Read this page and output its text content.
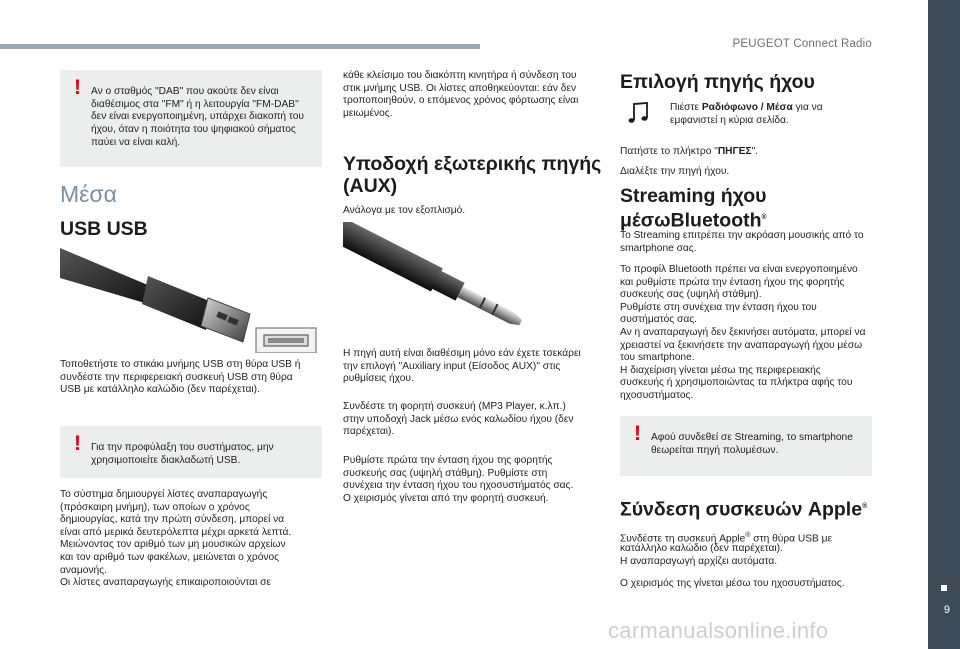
PEUGEOT Connect Radio
9
! Αν ο σταθμός "DAB" που ακούτε δεν είναι
διαθέσιμος στα "FM" ή η λειτουργία "FM-DAB"
δεν είναι ενεργοποιημένη, υπάρχει διακοπή του
ήχου, όταν η ποιότητα του ψηφιακού σήματος
παύει να είναι καλή.

Μέσα
USB USB

Τοποθετήστε το στικάκι μνήμης USB στη θύρα USB ή
συνδέστε την περιφερειακή συσκευή USB στη θύρα
USB με κατάλληλο καλώδιο (δεν παρέχεται).

! Για την προφύλαξη του συστήματος, μην
χρησιμοποιείτε διακλαδωτή USB.

Το σύστημα δημιουργεί λίστες αναπαραγωγής
(πρόσκαιρη μνήμη), των οποίων ο χρόνος
δημιουργίας, κατά την πρώτη σύνδεση, μπορεί να
είναι από μερικά δευτερόλεπτα μέχρι αρκετά λεπτά.
Μειώνοντας τον αριθμό των μη μουσικών αρχείων
και τον αριθμό των φακέλων, μειώνεται ο χρόνος
αναμονής.
Οι λίστες αναπαραγωγής επικαιροποιούνται σε

κάθε κλείσιμο του διακόπτη κινητήρα ή σύνδεση του
στικ μνήμης USB. Οι λίστες αποθηκεύονται: εάν δεν
τροποποιηθούν, ο επόμενος χρόνος φόρτωσης είναι
μειωμένος.

Υποδοχή εξωτερικής πηγής
(AUX)

Ανάλογα με τον εξοπλισμό.

Η πηγή αυτή είναι διαθέσιμη μόνο εάν έχετε τσεκάρει
την επιλογή "Auxiliary input (Είσοδος AUX)" στις
ρυθμίσεις ήχου.

Συνδέστε τη φορητή συσκευή (MP3 Player, κ.λπ.)
στην υποδοχή Jack μέσω ενός καλωδίου ήχου (δεν
παρέχεται).

Ρυθμίστε πρώτα την ένταση ήχου της φορητής
συσκευής σας (υψηλή στάθμη). Ρυθμίστε στη
συνέχεια την ένταση ήχου του ηχοσυστήματός σας.
Ο χειρισμός γίνεται από την φορητή συσκευή.

Επιλογή πηγής ήχου

Πιέστε Ραδιόφωνο / Μέσα για να

εμφανιστεί η κύρια σελίδα.

Πατήστε το πλήκτρο "ΠΗΓΕΣ".

Διαλέξτε την πηγή ήχου.

Streaming ήχου
μέσωBluetooth®

Το Streaming επιτρέπει την ακρόαση μουσικής από το
smartphone σας.

Το προφίλ Bluetooth πρέπει να είναι ενεργοποιημένο
και ρυθμίστε πρώτα την ένταση ήχου της φορητής
συσκευής σας (υψηλή στάθμη).
Ρυθμίστε στη συνέχεια την ένταση ήχου του
συστήματός σας.
Αν η αναπαραγωγή δεν ξεκινήσει αυτόματα, μπορεί να
χρειαστεί να ξεκινήσετε την αναπαραγωγή ήχου μέσω
του smartphone.
Η διαχείριση γίνεται μέσω της περιφερειακής
συσκευής ή χρησιμοποιώντας τα πλήκτρα αφής του
ηχοσυστήματος.

! Αφού συνδεθεί σε Streaming, το smartphone
θεωρείται πηγή πολυμέσων.

Σύνδεση συσκευών Apple®

Συνδέστε τη συσκευή Apple® στη θύρα USB με

κατάλληλο καλώδιο (δεν παρέχεται).
Η αναπαραγωγή αρχίζει αυτόματα.

Ο χειρισμός της γίνεται μέσω του ηχοσυστήματος.

carmanualsonline.info
